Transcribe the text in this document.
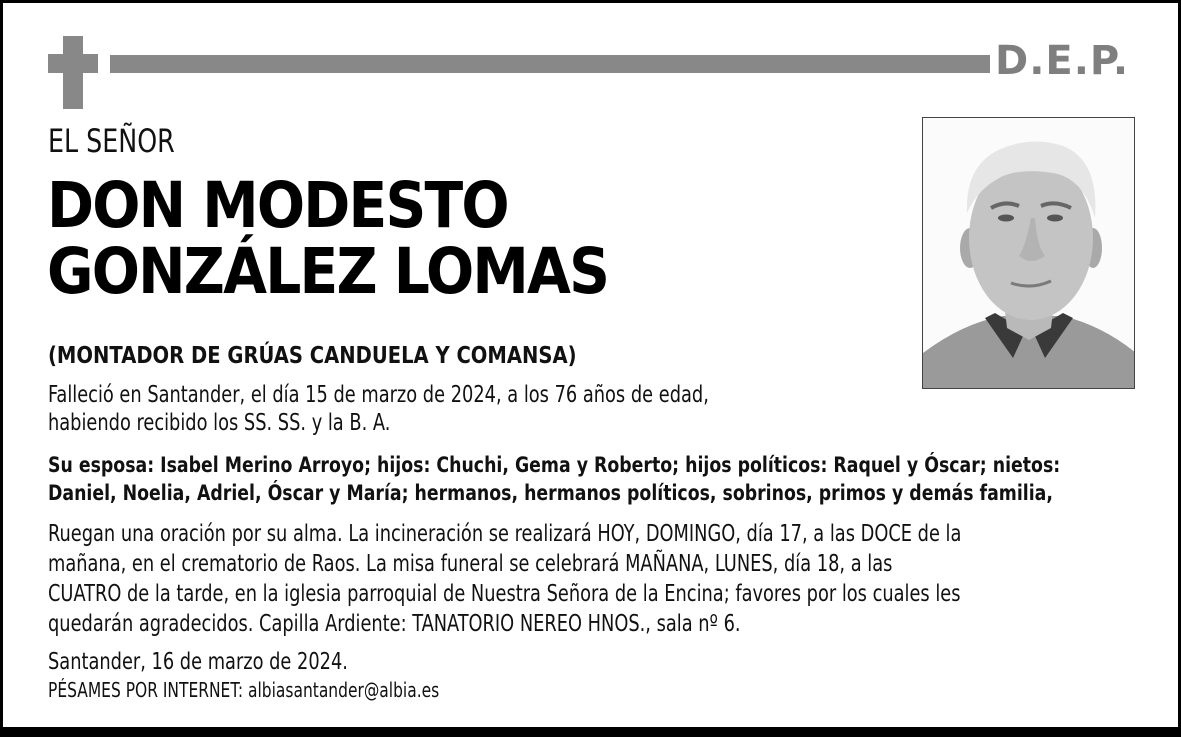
D.E.P.
EL SEÑOR
DON MODESTO
GONZÁLEZ LOMAS
(MONTADOR DE GRÚAS CANDUELA Y COMANSA)
Falleció en Santander, el día 15 de marzo de 2024, a los 76 años de edad,
habiendo recibido los SS. SS. y la B. A.
Su esposa: Isabel Merino Arroyo; hijos: Chuchi, Gema y Roberto; hijos políticos: Raquel y Óscar; nietos:
Daniel, Noelia, Adriel, Óscar y María; hermanos, hermanos políticos, sobrinos, primos y demás familia,
Ruegan una oración por su alma. La incineración se realizará HOY, DOMINGO, día 17, a las DOCE de la
mañana, en el crematorio de Raos. La misa funeral se celebrará MAÑANA, LUNES, día 18, a las
CUATRO de la tarde, en la iglesia parroquial de Nuestra Señora de la Encina; favores por los cuales les
quedarán agradecidos. Capilla Ardiente: TANATORIO NEREO HNOS., sala nº 6.
Santander, 16 de marzo de 2024.
PÉSAMES POR INTERNET: albiasantander@albia.es
